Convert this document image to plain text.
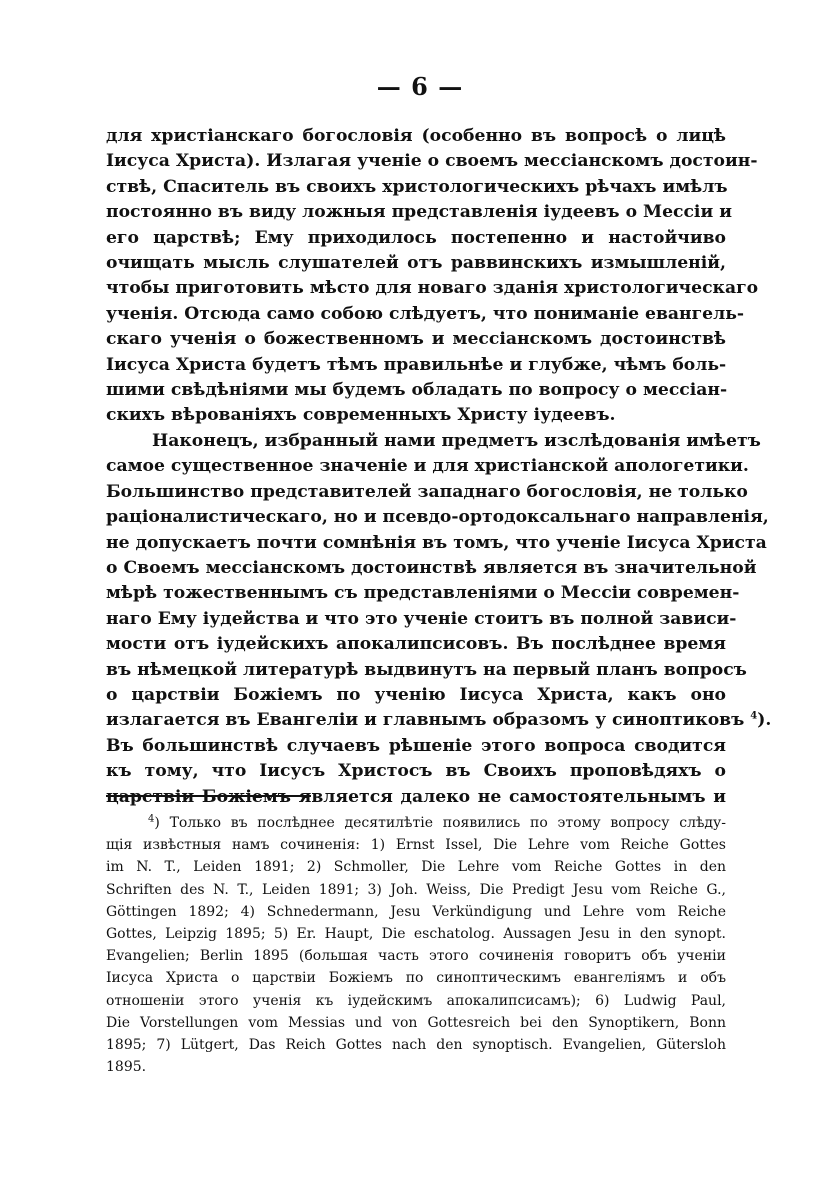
— 6 —
для христіанскаго богословія (особенно въ вопросѣ о лицѣ
Іисуса Христа). Излагая ученіе о своемъ мессіанскомъ достоин-
ствѣ, Спаситель въ своихъ христологическихъ рѣчахъ имѣлъ
постоянно въ виду ложныя представленія іудеевъ о Мессіи и
его царствѣ; Ему приходилось постепенно и настойчиво
очищать мысль слушателей отъ раввинскихъ измышленій,
чтобы приготовить мѣсто для новаго зданія христологическаго
ученія. Отсюда само собою слѣдуетъ, что пониманіе евангель-
скаго ученія о божественномъ и мессіанскомъ достоинствѣ
Іисуса Христа будетъ тѣмъ правильнѣе и глубже, чѣмъ боль-
шими свѣдѣніями мы будемъ обладать по вопросу о мессіан-
скихъ вѣрованіяхъ современныхъ Христу іудеевъ.
Наконецъ, избранный нами предметъ изслѣдованія имѣетъ
самое существенное значеніе и для христіанской апологетики.
Большинство представителей западнаго богословія, не только
раціоналистическаго, но и псевдо-ортодоксальнаго направленія,
не допускаетъ почти сомнѣнія въ томъ, что ученіе Іисуса Христа
о Своемъ мессіанскомъ достоинствѣ является въ значительной
мѣрѣ тожественнымъ съ представленіями о Мессіи современ-
наго Ему іудейства и что это ученіе стоитъ въ полной зависи-
мости отъ іудейскихъ апокалипсисовъ. Въ послѣднее время
въ нѣмецкой литературѣ выдвинутъ на первый планъ вопросъ
о царствіи Божіемъ по ученію Іисуса Христа, какъ оно
излагается въ Евангеліи и главнымъ образомъ у синоптиковъ $^4$).
Въ большинствѣ случаевъ рѣшеніе этого вопроса сводится
къ тому, что Іисусъ Христосъ въ Своихъ проповѣдяхъ о
царствіи Божіемъ является далеко не самостоятельнымъ и
$^4$) Только въ послѣднее десятилѣтіе появились по этому вопросу слѣду-
щія извѣстныя намъ сочиненія: 1) Ernst Issel, Die Lehre vom Reiche Gottes
im N. T., Leiden 1891; 2) Schmoller, Die Lehre vom Reiche Gottes in den
Schriften des N. T., Leiden 1891; 3) Joh. Weiss, Die Predigt Jesu vom Reiche G.,
Göttingen 1892; 4) Schnedermann, Jesu Verkündigung und Lehre vom Reiche
Gottes, Leipzig 1895; 5) Er. Haupt, Die eschatolog. Aussagen Jesu in den synopt.
Evangelien; Berlin 1895 (большая часть этого сочиненія говоритъ объ ученіи
Іисуса Христа о царствіи Божіемъ по синоптическимъ евангеліямъ и объ
отношеніи этого ученія къ іудейскимъ апокалипсисамъ); 6) Ludwig Paul,
Die Vorstellungen vom Messias und von Gottesreich bei den Synoptikern, Bonn
1895; 7) Lütgert, Das Reich Gottes nach den synoptisch. Evangelien, Gütersloh
1895.
